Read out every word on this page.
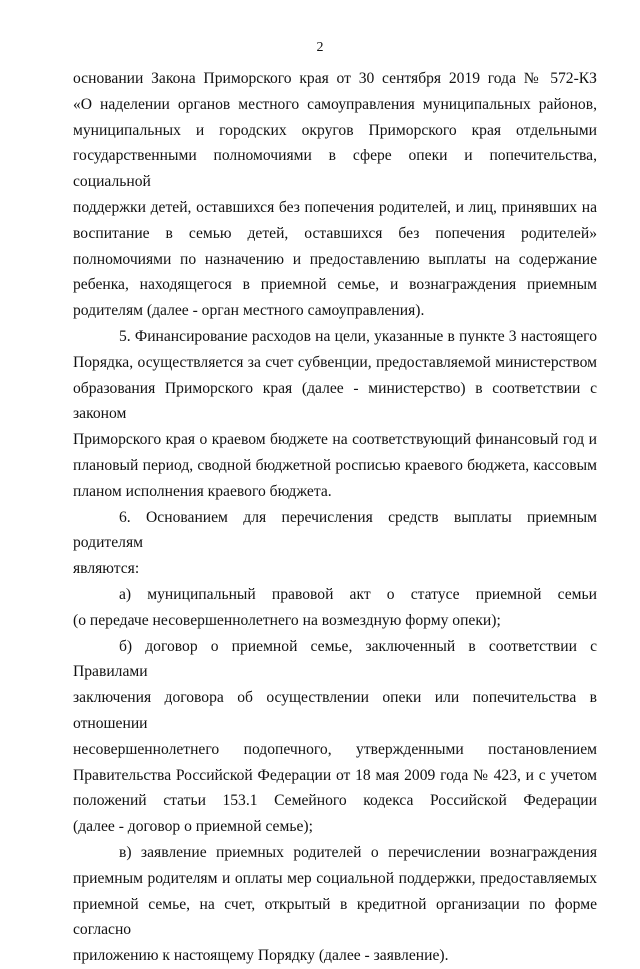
2

основании Закона Приморского края от 30 сентября 2019 года № 572-КЗ

«О наделении органов местного самоуправления муниципальных районов,

муниципальных и городских округов Приморского края отдельными

государственными полномочиями в сфере опеки и попечительства, социальной

поддержки детей, оставшихся без попечения родителей, и лиц, принявших на

воспитание в семью детей, оставшихся без попечения родителей»

полномочиями по назначению и предоставлению выплаты на содержание

ребенка, находящегося в приемной семье, и вознаграждения приемным

родителям (далее - орган местного самоуправления).

5. Финансирование расходов на цели, указанные в пункте 3 настоящего

Порядка, осуществляется за счет субвенции, предоставляемой министерством

образования Приморского края (далее - министерство) в соответствии с законом

Приморского края о краевом бюджете на соответствующий финансовый год и

плановый период, сводной бюджетной росписью краевого бюджета, кассовым

планом исполнения краевого бюджета.

6. Основанием для перечисления средств выплаты приемным родителям

являются:

а) муниципальный правовой акт о статусе приемной семьи

(о передаче несовершеннолетнего на возмездную форму опеки);

б) договор о приемной семье, заключенный в соответствии с Правилами

заключения договора об осуществлении опеки или попечительства в отношении

несовершеннолетнего подопечного, утвержденными постановлением

Правительства Российской Федерации от 18 мая 2009 года № 423, и с учетом

положений статьи 153.1 Семейного кодекса Российской Федерации

(далее - договор о приемной семье);

в) заявление приемных родителей о перечислении вознаграждения

приемным родителям и оплаты мер социальной поддержки, предоставляемых

приемной семье, на счет, открытый в кредитной организации по форме согласно

приложению к настоящему Порядку (далее - заявление).
